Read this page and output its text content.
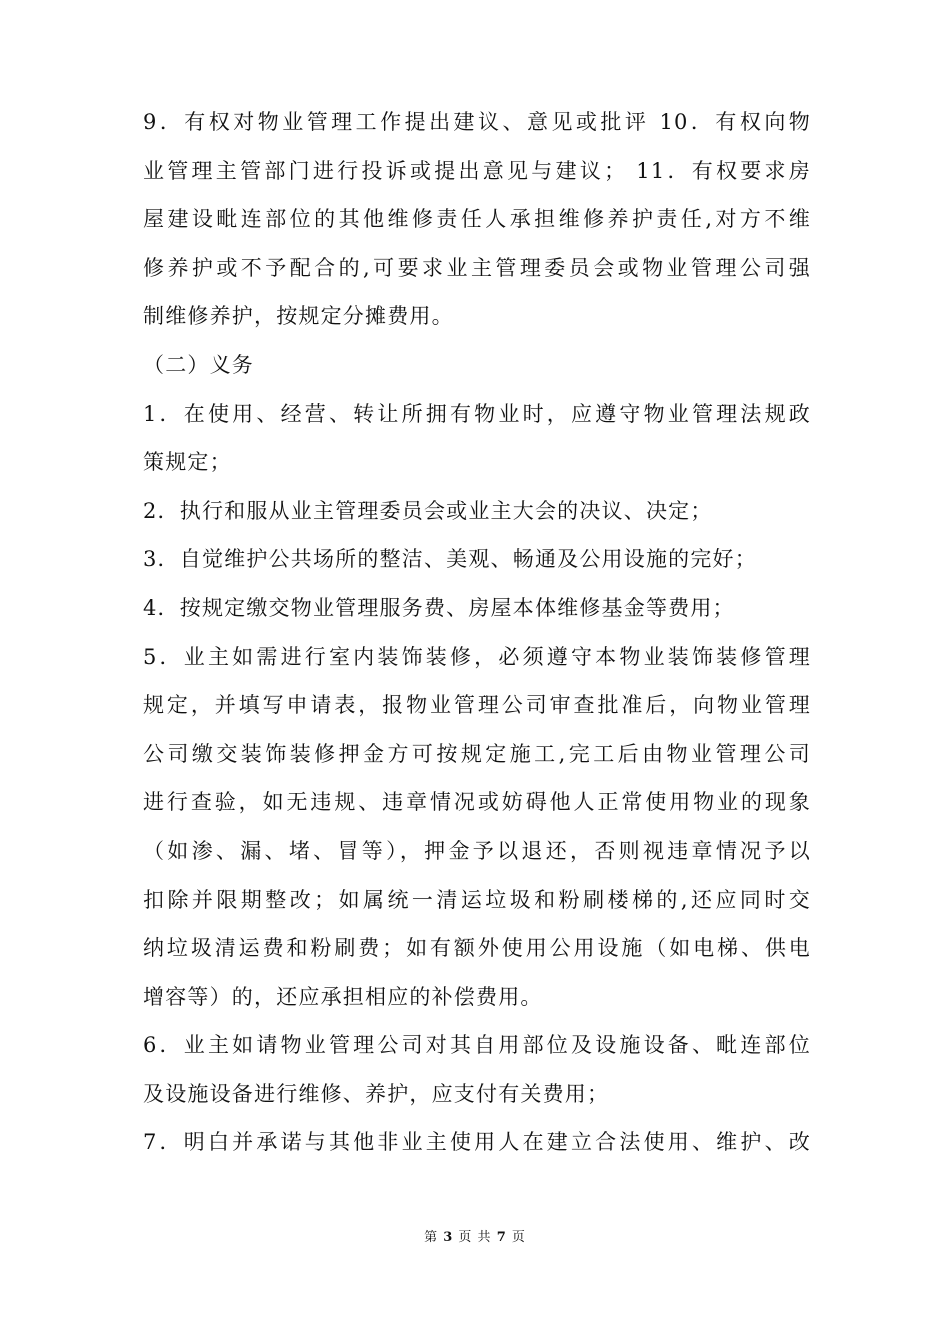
9．有权对物业管理工作提出建议、意见或批评 10．有权向物
业管理主管部门进行投诉或提出意见与建议； 11．有权要求房
屋建设毗连部位的其他维修责任人承担维修养护责任,对方不维
修养护或不予配合的,可要求业主管理委员会或物业管理公司强
制维修养护，按规定分摊费用。
（二）义务
1．在使用、经营、转让所拥有物业时，应遵守物业管理法规政
策规定；
2．执行和服从业主管理委员会或业主大会的决议、决定；
3．自觉维护公共场所的整洁、美观、畅通及公用设施的完好；
4．按规定缴交物业管理服务费、房屋本体维修基金等费用；
5．业主如需进行室内装饰装修，必须遵守本物业装饰装修管理
规定，并填写申请表，报物业管理公司审查批准后，向物业管理
公司缴交装饰装修押金方可按规定施工,完工后由物业管理公司
进行查验，如无违规、违章情况或妨碍他人正常使用物业的现象
（如渗、漏、堵、冒等），押金予以退还，否则视违章情况予以
扣除并限期整改；如属统一清运垃圾和粉刷楼梯的,还应同时交
纳垃圾清运费和粉刷费；如有额外使用公用设施（如电梯、供电
增容等）的，还应承担相应的补偿费用。
6．业主如请物业管理公司对其自用部位及设施设备、毗连部位
及设施设备进行维修、养护，应支付有关费用；
7．明白并承诺与其他非业主使用人在建立合法使用、维护、改
第 3 页 共 7 页
